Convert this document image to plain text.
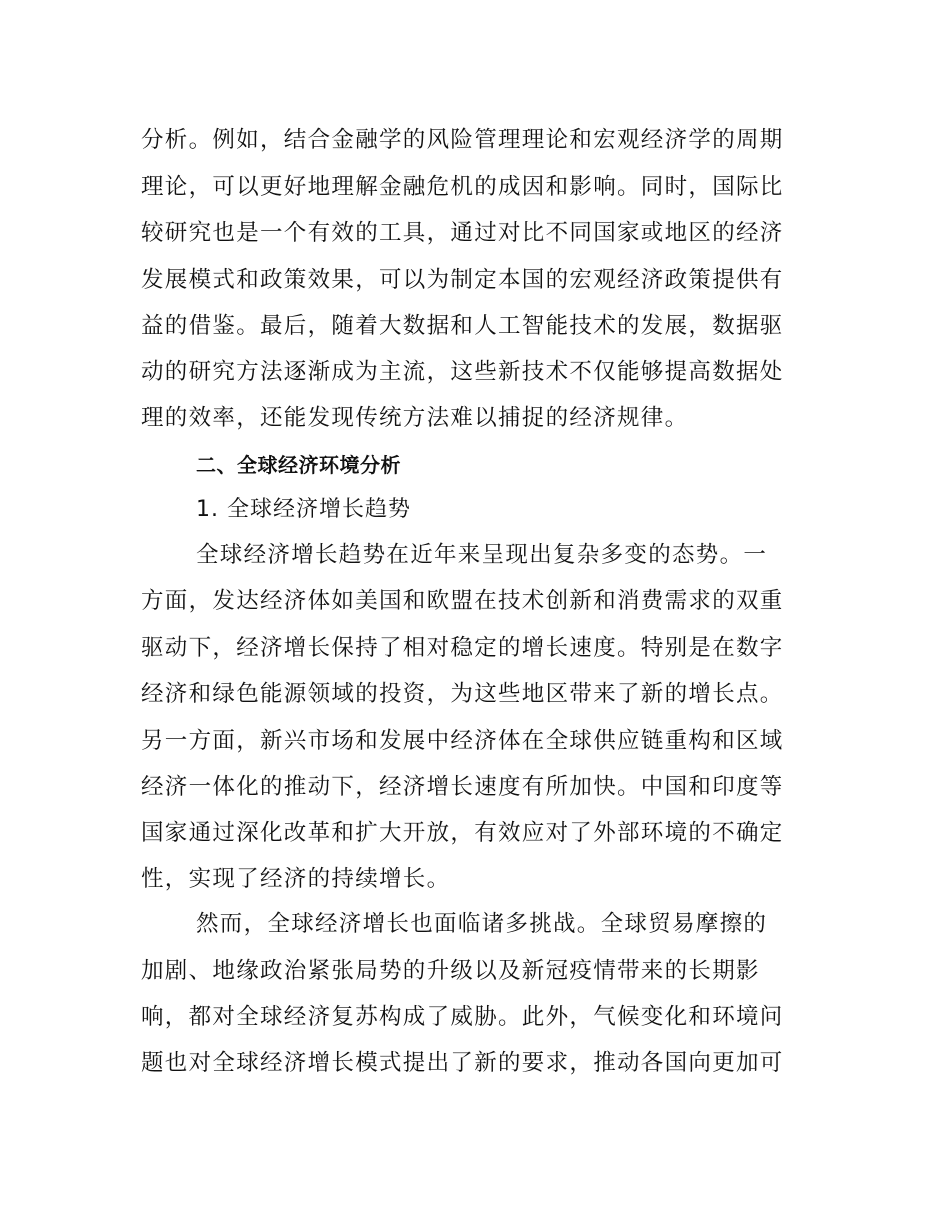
分析。例如，结合金融学的风险管理理论和宏观经济学的周期
理论，可以更好地理解金融危机的成因和影响。同时，国际比
较研究也是一个有效的工具，通过对比不同国家或地区的经济
发展模式和政策效果，可以为制定本国的宏观经济政策提供有
益的借鉴。最后，随着大数据和人工智能技术的发展，数据驱
动的研究方法逐渐成为主流，这些新技术不仅能够提高数据处
理的效率，还能发现传统方法难以捕捉的经济规律。
二、全球经济环境分析
1. 全球经济增长趋势
全球经济增长趋势在近年来呈现出复杂多变的态势。一
方面，发达经济体如美国和欧盟在技术创新和消费需求的双重
驱动下，经济增长保持了相对稳定的增长速度。特别是在数字
经济和绿色能源领域的投资，为这些地区带来了新的增长点。
另一方面，新兴市场和发展中经济体在全球供应链重构和区域
经济一体化的推动下，经济增长速度有所加快。中国和印度等
国家通过深化改革和扩大开放，有效应对了外部环境的不确定
性，实现了经济的持续增长。
然而，全球经济增长也面临诸多挑战。全球贸易摩擦的
加剧、地缘政治紧张局势的升级以及新冠疫情带来的长期影
响，都对全球经济复苏构成了威胁。此外，气候变化和环境问
题也对全球经济增长模式提出了新的要求，推动各国向更加可
